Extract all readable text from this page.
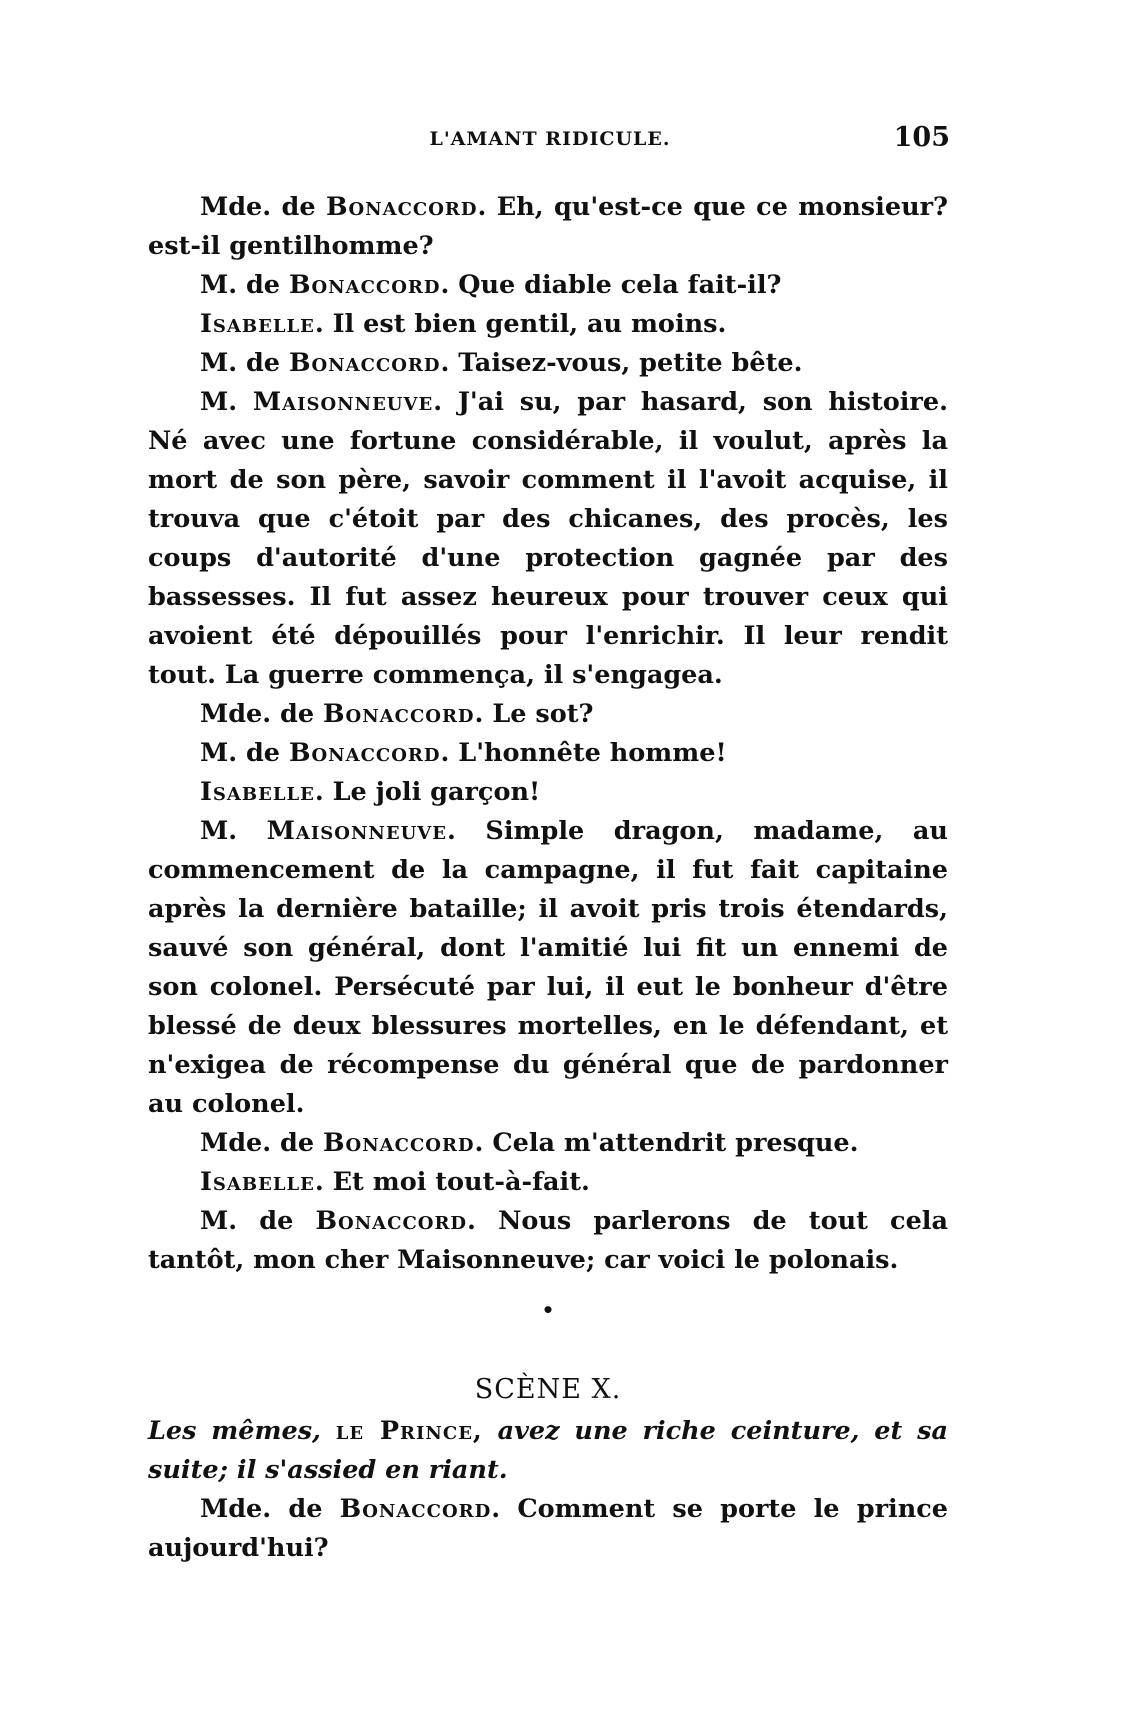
L'AMANT RIDICULE.	105

Mde. de Bonaccord. Eh, qu'est-ce que ce monsieur? est-il gentilhomme?

M. de Bonaccord. Que diable cela fait-il?

Isabelle. Il est bien gentil, au moins.

M. de Bonaccord. Taisez-vous, petite bête.

M. Maisonneuve. J'ai su, par hasard, son histoire. Né avec une fortune considérable, il voulut, après la mort de son père, savoir comment il l'avoit acquise, il trouva que c'étoit par des chicanes, des procès, les coups d'autorité d'une protection gagnée par des bassesses. Il fut assez heureux pour trouver ceux qui avoient été dépouillés pour l'enrichir. Il leur rendit tout. La guerre commença, il s'engagea.

Mde. de Bonaccord. Le sot?

M. de Bonaccord. L'honnête homme!

Isabelle. Le joli garçon!

M. Maisonneuve. Simple dragon, madame, au commencement de la campagne, il fut fait capitaine après la dernière bataille; il avoit pris trois étendards, sauvé son général, dont l'amitié lui fit un ennemi de son colonel. Persécuté par lui, il eut le bonheur d'être blessé de deux blessures mortelles, en le défendant, et n'exigea de récompense du général que de pardonner au colonel.

Mde. de Bonaccord. Cela m'attendrit presque.

Isabelle. Et moi tout-à-fait.

M. de Bonaccord. Nous parlerons de tout cela tantôt, mon cher Maisonneuve; car voici le polonais.

•
SCÈNE X.

Les mêmes, le Prince, avez une riche ceinture, et sa suite; il s'assied en riant.

Mde. de Bonaccord. Comment se porte le prince aujourd'hui?
